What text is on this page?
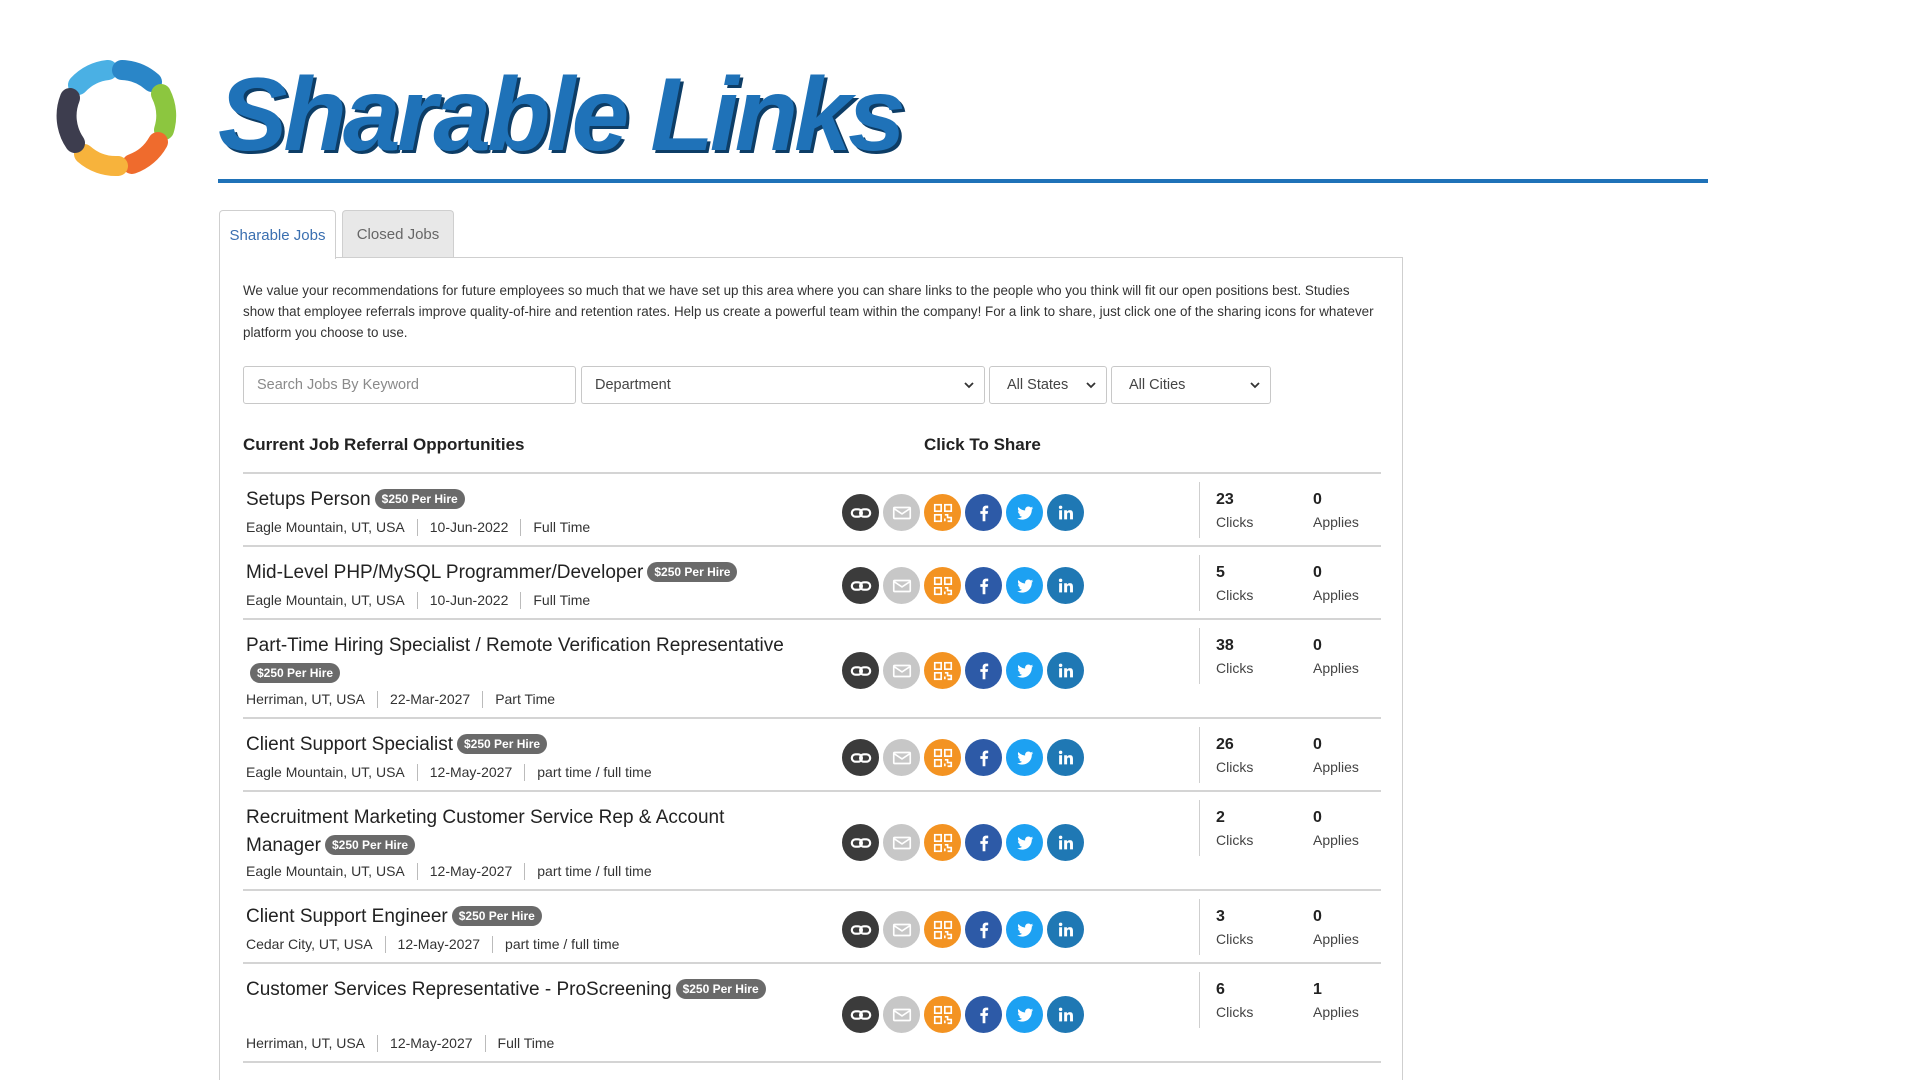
Sharable Links
Sharable Jobs	Closed Jobs

We value your recommendations for future employees so much that we have set up this area where you can share links to the people who you think will fit our open positions best. Studies show that employee referrals improve quality-of-hire and retention rates. Help us create a powerful team within the company! For a link to share, just click one of the sharing icons for whatever platform you choose to use.

Search Jobs By Keyword	Department	All States	All Cities
Current Job Referral Opportunities	Click To Share
Setups Person $250 Per Hire
Eagle Mountain, UT, USA	10-Jun-2022	Full Time
23
Clicks
0
Applies
Mid-Level PHP/MySQL Programmer/Developer $250 Per Hire
Eagle Mountain, UT, USA	10-Jun-2022	Full Time
5
Clicks
0
Applies
Part-Time Hiring Specialist / Remote Verification Representative$250 Per Hire
Herriman, UT, USA	22-Mar-2027	Part Time
38
Clicks
0
Applies
Client Support Specialist $250 Per Hire
Eagle Mountain, UT, USA	12-May-2027	part time / full time
26
Clicks
0
Applies
Recruitment Marketing Customer Service Rep & Account Manager $250 Per Hire
Eagle Mountain, UT, USA	12-May-2027	part time / full time
2
Clicks
0
Applies
Client Support Engineer $250 Per Hire
Cedar City, UT, USA	12-May-2027	part time / full time
3
Clicks
0
Applies
Customer Services Representative - ProScreening $250 Per Hire
Herriman, UT, USA	12-May-2027	Full Time
6
Clicks
1
Applies
